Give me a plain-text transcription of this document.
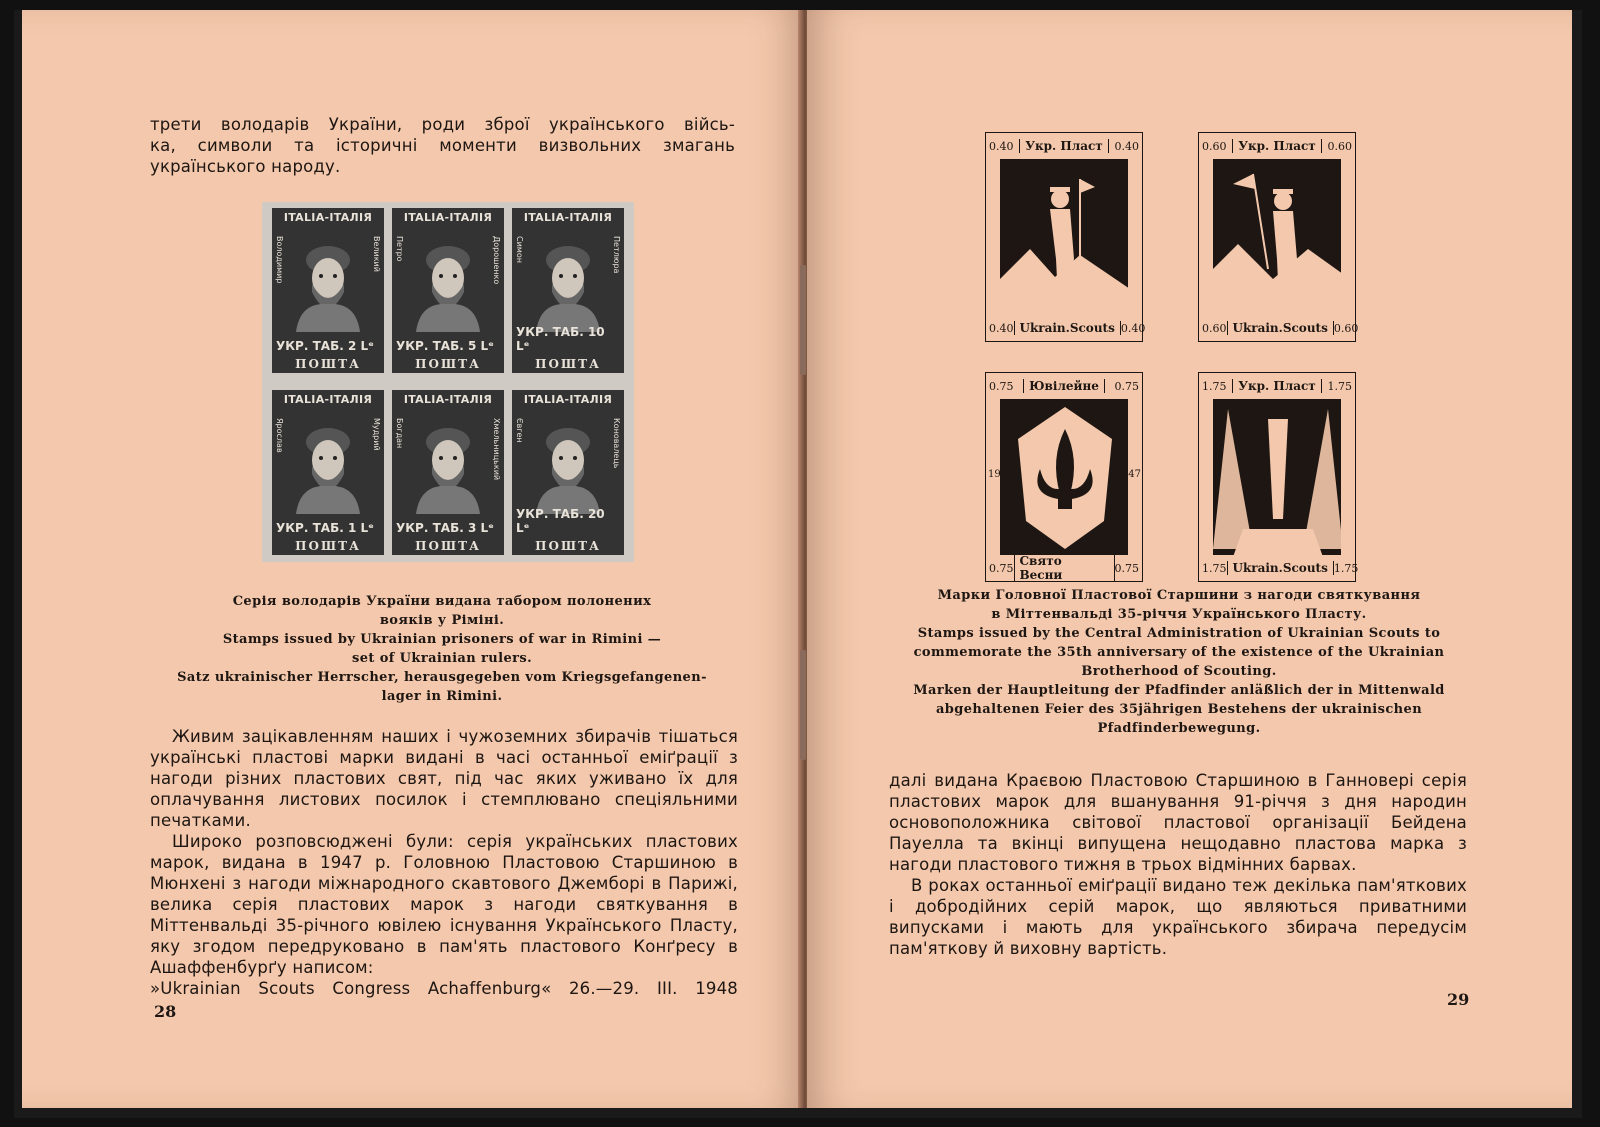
трети володарів України, роди зброї українського війсь-

ка, символи та історичні моменти визвольних змагань

українського народу.

ITALIA-ITAЛIЯ
Володимир	Великий
УКР. ТАБ. 2 Lᵉ
ПОШТА
ITALIA-ITAЛIЯ
Петро	Дорошенко
УКР. ТАБ. 5 Lᵉ
ПОШТА
ITALIA-ITAЛIЯ
Симон	Петлюра
УКР. ТАБ. 10 Lᵉ
ПОШТА
ITALIA-ITAЛIЯ
Ярослав	Мудрий
УКР. ТАБ. 1 Lᵉ
ПОШТА
ITALIA-ITAЛIЯ
Богдан	Хмельницький
УКР. ТАБ. 3 Lᵉ
ПОШТА
ITALIA-ITAЛIЯ
Євген	Коновалець
УКР. ТАБ. 20 Lᵉ
ПОШТА
Серія володарів України видана табором полонених
вояків у Ріміні.
Stamps issued by Ukrainian prisoners of war in Rimini —
set of Ukrainian rulers.
Satz ukrainischer Herrscher, herausgegeben vom Kriegsgefangenen-
lager in Rimini.

Живим зацікавленням наших і чужоземних збирачів тішаться українські пластові марки видані в часі останньої еміґрації з нагоди різних пластових свят, під час яких уживано їх для оплачування листових посилок і стемплювано спеціяльними печатками.

Широко розповсюджені були: серія українських пластових марок, видана в 1947 р. Головною Пластовою Старшиною в Мюнхені з нагоди міжнародного скавтового Джемборі в Парижі, велика серія пластових марок з нагоди святкування в Міттенвальді 35-річного ювілею існування Українського Пласту, яку згодом передруковано в пам'ять пластового Конґресу в Ашаффенбурґу написом:

»Ukrainian Scouts Congress Achaffenburg« 26.—29. III. 1948

28
0.40 Укр. Пласт	0.40
0.40 Ukrain.Scouts 0.40
0.60 Укр. Пласт	0.60
0.60 Ukrain.Scouts 0.60
0.75	Ювілейне	0.75
0.75 Свято Весни	0.75
19	47
1.75 Укр. Пласт	1.75
1.75 Ukrain.Scouts 1.75
Марки Головної Пластової Старшини з нагоди святкування
в Міттенвальді 35-річчя Українського Пласту.
Stamps issued by the Central Administration of Ukrainian Scouts to
commemorate the 35th anniversary of the existence of the Ukrainian
Brotherhood of Scouting.
Marken der Hauptleitung der Pfadfinder anläßlich der in Mittenwald
abgehaltenen Feier des 35jährigen Bestehens der ukrainischen
Pfadfinderbewegung.

далі видана Краєвою Пластовою Старшиною в Ганновері серія пластових марок для вшанування 91-річчя з дня народин основоположника світової пластової організації Бейдена Пауелла та вкінці випущена нещодавно пластова марка з нагоди пластового тижня в трьох відмінних барвах.

В роках останньої еміґрації видано теж декілька пам'яткових і добродійних серій марок, що являються приватними випусками і мають для українського збирача передусім пам'яткову й виховну вартість.

29
